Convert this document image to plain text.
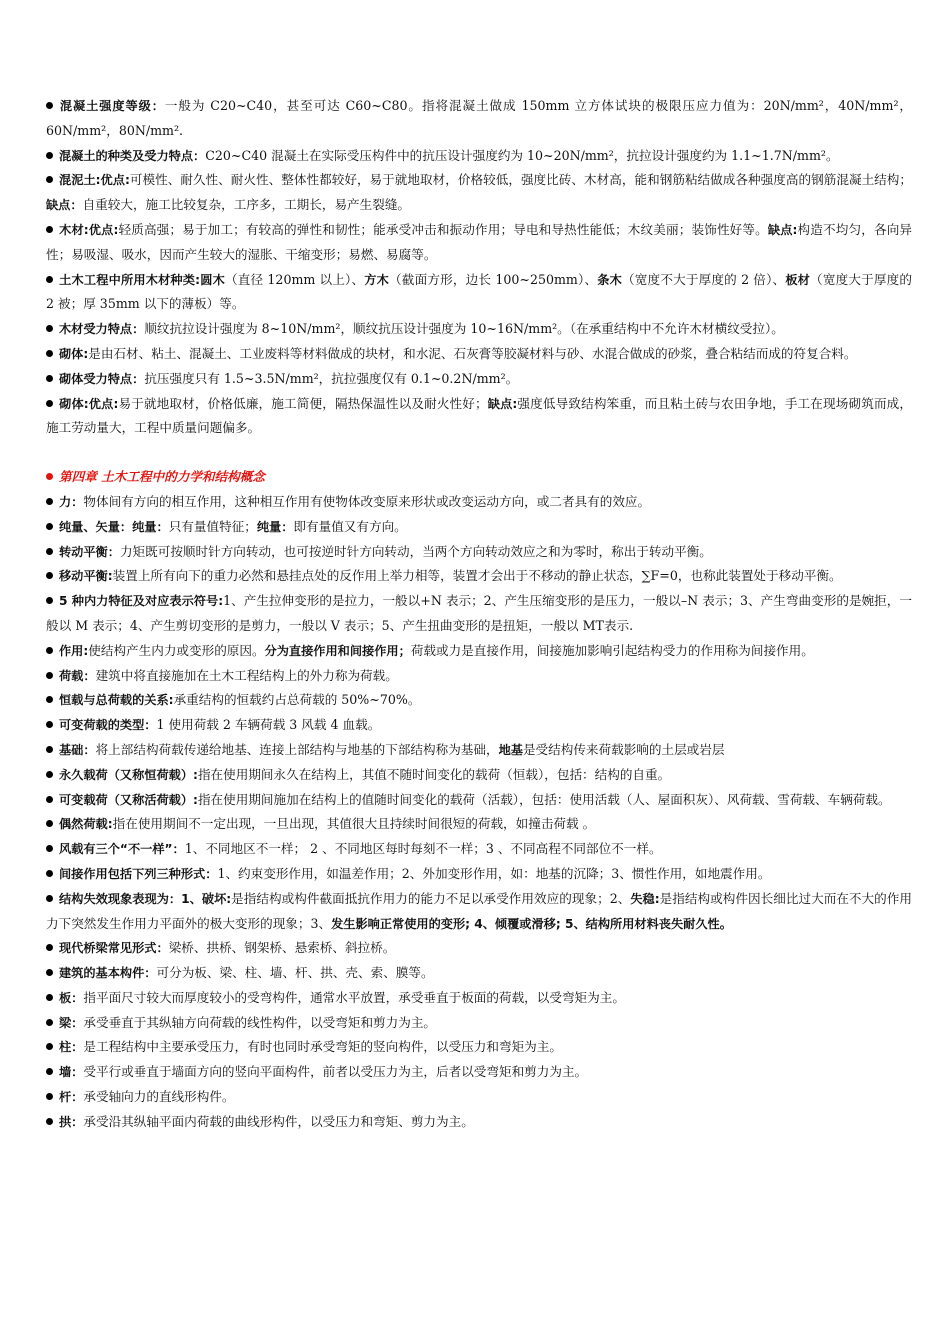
混凝土强度等级：一般为 C20~C40，甚至可达 C60~C80。指将混凝土做成 150mm 立方体试块的极限压应力值为：20N/mm²，40N/mm²，60N/mm²，80N/mm².

混凝土的种类及受力特点：C20~C40 混凝土在实际受压构件中的抗压设计强度约为 10~20N/mm²，抗拉设计强度约为 1.1~1.7N/mm²。

混泥土:优点:可模性、耐久性、耐火性、整体性都较好，易于就地取材，价格较低，强度比砖、木材高，能和钢筋粘结做成各种强度高的钢筋混凝土结构；缺点：自重较大，施工比较复杂，工序多，工期长，易产生裂缝。

木材:优点:轻质高强；易于加工；有较高的弹性和韧性；能承受冲击和振动作用；导电和导热性能低；木纹美丽；装饰性好等。缺点:构造不均匀，各向异性；易吸湿、吸水，因而产生较大的湿胀、干缩变形；易燃、易腐等。

土木工程中所用木材种类:圆木（直径 120mm 以上）、方木（截面方形，边长 100~250mm）、条木（宽度不大于厚度的 2 倍）、板材（宽度大于厚度的 2 被；厚 35mm 以下的薄板）等。

木材受力特点：顺纹抗拉设计强度为 8~10N/mm²，顺纹抗压设计强度为 10~16N/mm²。（在承重结构中不允许木材横纹受拉）。

砌体:是由石材、粘土、混凝土、工业废料等材料做成的块材，和水泥、石灰膏等胶凝材料与砂、水混合做成的砂浆，叠合粘结而成的符复合料。

砌体受力特点：抗压强度只有 1.5~3.5N/mm²，抗拉强度仅有 0.1~0.2N/mm²。

砌体:优点:易于就地取材，价格低廉，施工简便，隔热保温性以及耐火性好；缺点:强度低导致结构笨重，而且粘土砖与农田争地，手工在现场砌筑而成，施工劳动量大，工程中质量问题偏多。

第四章 土木工程中的力学和结构概念

力：物体间有方向的相互作用，这种相互作用有使物体改变原来形状或改变运动方向，或二者具有的效应。

纯量、矢量：纯量：只有量值特征；纯量：即有量值又有方向。

转动平衡：力矩既可按顺时针方向转动，也可按逆时针方向转动，当两个方向转动效应之和为零时，称出于转动平衡。

移动平衡:装置上所有向下的重力必然和悬挂点处的反作用上举力相等，装置才会出于不移动的静止状态，∑F=0，也称此装置处于移动平衡。

5 种内力特征及对应表示符号:1、产生拉伸变形的是拉力，一般以+N 表示；2、产生压缩变形的是压力，一般以–N 表示；3、产生弯曲变形的是婉拒，一般以 M 表示；4、产生剪切变形的是剪力，一般以 V 表示；5、产生扭曲变形的是扭矩，一般以 MT表示.

作用:使结构产生内力或变形的原因。分为直接作用和间接作用；荷载或力是直接作用，间接施加影响引起结构受力的作用称为间接作用。

荷载：建筑中将直接施加在土木工程结构上的外力称为荷载。

恒载与总荷载的关系:承重结构的恒载约占总荷载的 50%~70%。

可变荷载的类型：1 使用荷载 2 车辆荷载 3 风载 4 血载。

基础：将上部结构荷载传递给地基、连接上部结构与地基的下部结构称为基础，地基是受结构传来荷载影响的土层或岩层

永久载荷（又称恒荷载）:指在使用期间永久在结构上，其值不随时间变化的载荷（恒载），包括：结构的自重。

可变载荷（又称活荷载）:指在使用期间施加在结构上的值随时间变化的载荷（活载），包括：使用活载（人、屋面积灰）、风荷载、雪荷载、车辆荷载。

偶然荷载:指在使用期间不一定出现，一旦出现，其值很大且持续时间很短的荷载，如撞击荷载 。

风载有三个“不一样”：1、不同地区不一样； 2 、不同地区每时每刻不一样；3 、不同高程不同部位不一样。

间接作用包括下列三种形式：1、约束变形作用，如温差作用；2、外加变形作用，如：地基的沉降；3、惯性作用，如地震作用。

结构失效现象表现为：1、破坏:是指结构或构件截面抵抗作用力的能力不足以承受作用效应的现象；2、失稳:是指结构或构件因长细比过大而在不大的作用力下突然发生作用力平面外的极大变形的现象；3、发生影响正常使用的变形; 4、倾覆或滑移; 5、结构所用材料丧失耐久性。

现代桥梁常见形式：梁桥、拱桥、钢架桥、悬索桥、斜拉桥。

建筑的基本构件：可分为板、梁、柱、墙、杆、拱、壳、索、膜等。

板：指平面尺寸较大而厚度较小的受弯构件，通常水平放置，承受垂直于板面的荷载，以受弯矩为主。

梁：承受垂直于其纵轴方向荷载的线性构件，以受弯矩和剪力为主。

柱：是工程结构中主要承受压力，有时也同时承受弯矩的竖向构件，以受压力和弯矩为主。

墙：受平行或垂直于墙面方向的竖向平面构件，前者以受压力为主，后者以受弯矩和剪力为主。

杆：承受轴向力的直线形构件。

拱：承受沿其纵轴平面内荷载的曲线形构件，以受压力和弯矩、剪力为主。
